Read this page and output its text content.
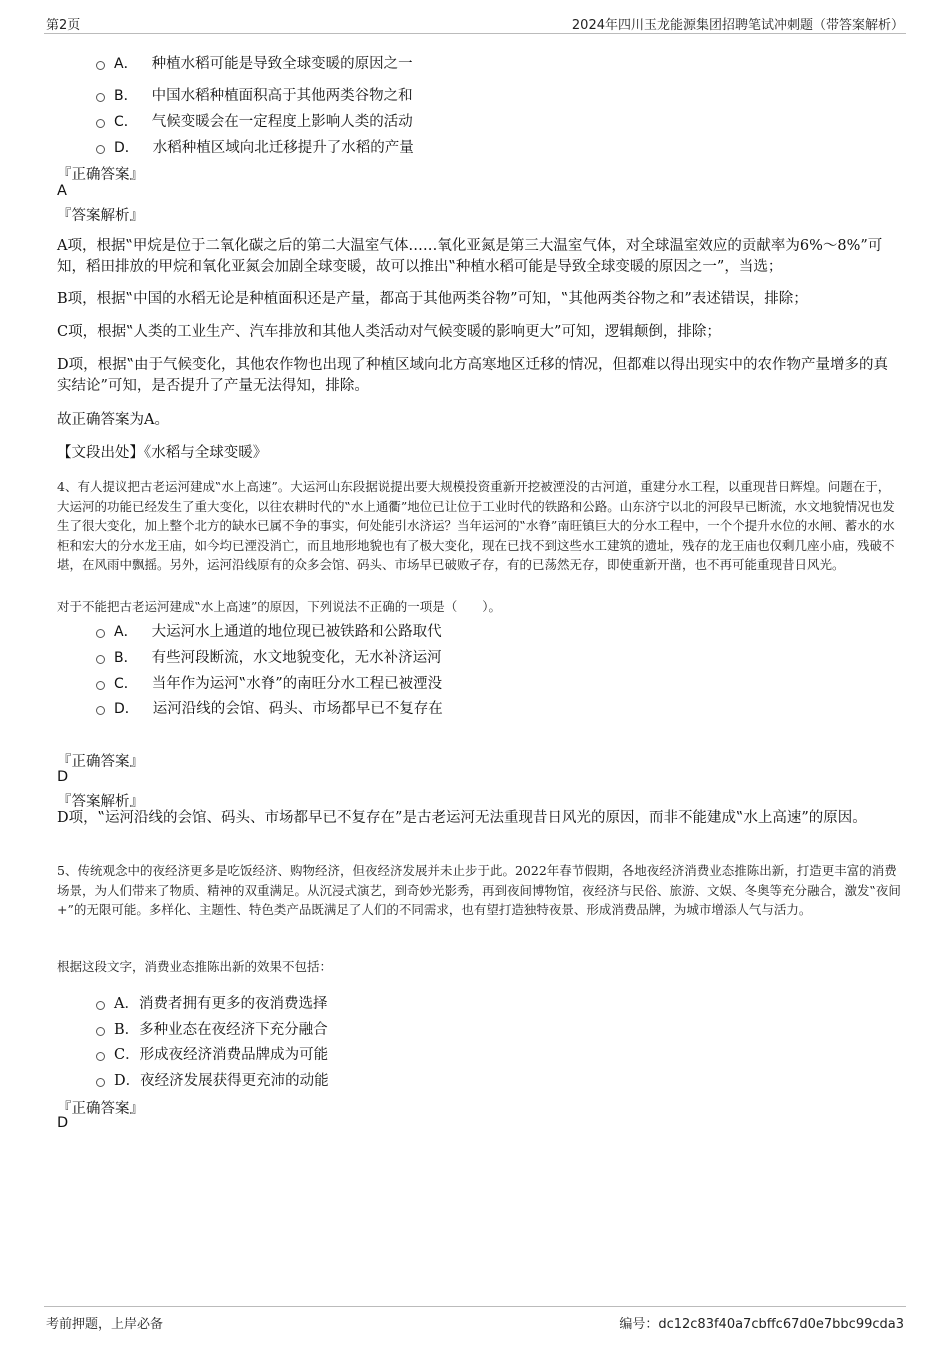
第2页	2024年四川玉龙能源集团招聘笔试冲刺题（带答案解析）
A． 种植水稻可能是导致全球变暖的原因之一
B． 中国水稻种植面积高于其他两类谷物之和
C． 气候变暖会在一定程度上影响人类的活动
D． 水稻种植区域向北迁移提升了水稻的产量
『正确答案』
A
『答案解析』
A项，根据‟甲烷是位于二氧化碳之后的第二大温室气体……氧化亚氮是第三大温室气体，对全球温室效应的贡献率为6%～8%”可知，稻田排放的甲烷和氧化亚氮会加剧全球变暖，故可以推出‟种植水稻可能是导致全球变暖的原因之一”，当选；
B项，根据‟中国的水稻无论是种植面积还是产量，都高于其他两类谷物”可知，‟其他两类谷物之和”表述错误，排除；
C项，根据‟人类的工业生产、汽车排放和其他人类活动对气候变暖的影响更大”可知，逻辑颠倒，排除；
D项，根据‟由于气候变化，其他农作物也出现了种植区域向北方高寒地区迁移的情况，但都难以得出现实中的农作物产量增多的真实结论”可知，是否提升了产量无法得知，排除。
故正确答案为A。
【文段出处】《水稻与全球变暖》
4、有人提议把古老运河建成‟水上高速”。大运河山东段据说提出要大规模投资重新开挖被湮没的古河道，重建分水工程，以重现昔日辉煌。问题在于，大运河的功能已经发生了重大变化，以往农耕时代的‟水上通衢”地位已让位于工业时代的铁路和公路。山东济宁以北的河段早已断流，水文地貌情况也发生了很大变化，加上整个北方的缺水已属不争的事实，何处能引水济运？当年运河的‟水脊”南旺镇巨大的分水工程中，一个个提升水位的水闸、蓄水的水柜和宏大的分水龙王庙，如今均已湮没消亡，而且地形地貌也有了极大变化，现在已找不到这些水工建筑的遗址，残存的龙王庙也仅剩几座小庙，残破不堪，在风雨中飘摇。另外，运河沿线原有的众多会馆、码头、市场早已破败孑存，有的已荡然无存，即使重新开凿，也不再可能重现昔日风光。
对于不能把古老运河建成‟水上高速”的原因，下列说法不正确的一项是（　　）。
A． 大运河水上通道的地位现已被铁路和公路取代
B． 有些河段断流，水文地貌变化，无水补济运河
C． 当年作为运河‟水脊”的南旺分水工程已被湮没
D． 运河沿线的会馆、码头、市场都早已不复存在
『正确答案』
D
『答案解析』
D项，‟运河沿线的会馆、码头、市场都早已不复存在”是古老运河无法重现昔日风光的原因，而非不能建成‟水上高速”的原因。
5、传统观念中的夜经济更多是吃饭经济、购物经济，但夜经济发展并未止步于此。2022年春节假期，各地夜经济消费业态推陈出新，打造更丰富的消费场景，为人们带来了物质、精神的双重满足。从沉浸式演艺，到奇妙光影秀，再到夜间博物馆，夜经济与民俗、旅游、文娱、冬奥等充分融合，激发‟夜间+”的无限可能。多样化、主题性、特色类产品既满足了人们的不同需求，也有望打造独特夜景、形成消费品牌，为城市增添人气与活力。
根据这段文字，消费业态推陈出新的效果不包括：
A． 消费者拥有更多的夜消费选择
B． 多种业态在夜经济下充分融合
C． 形成夜经济消费品牌成为可能
D． 夜经济发展获得更充沛的动能
『正确答案』
D
考前押题，上岸必备	编号：dc12c83f40a7cbffc67d0e7bbc99cda3
